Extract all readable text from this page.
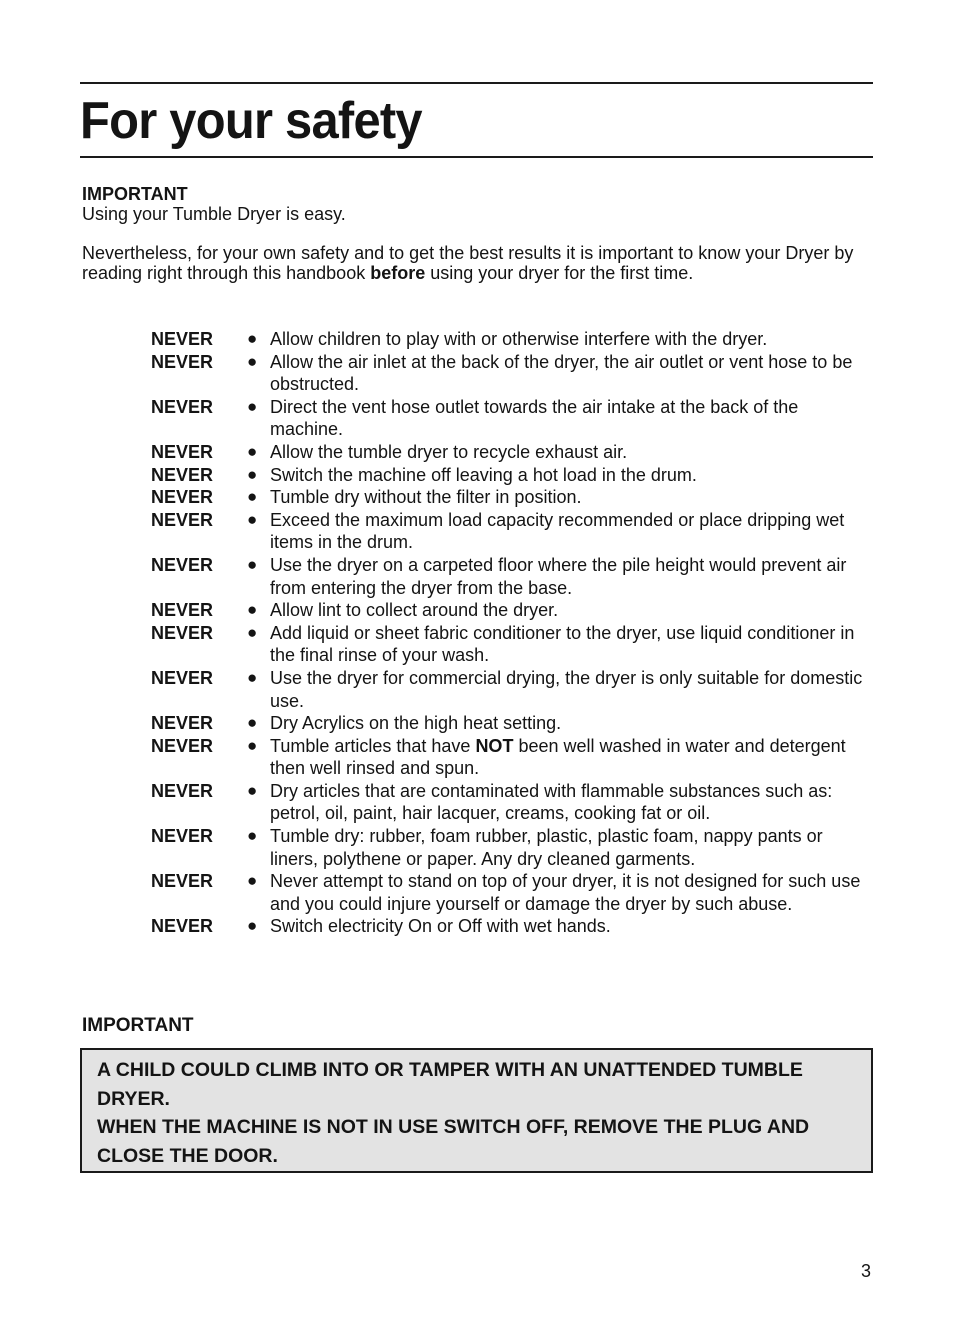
For your safety

IMPORTANT

Using your Tumble Dryer is easy.

Nevertheless, for your own safety and to get the best results it is important to know your Dryer by reading right through this handbook before using your dryer for the first time.

NEVER	● Allow children to play with or otherwise interfere with the dryer.
NEVER	● Allow the air inlet at the back of the dryer, the air outlet or vent hose to be obstructed.
NEVER	● Direct the vent hose outlet towards the air intake at the back of the machine.
NEVER	● Allow the tumble dryer to recycle exhaust air.
NEVER	● Switch the machine off leaving a hot load in the drum.
NEVER	● Tumble dry without the filter in position.
NEVER	● Exceed the maximum load capacity recommended or place dripping wet items in the drum.
NEVER	● Use the dryer on a carpeted floor where the pile height would prevent air from entering the dryer from the base.
NEVER	● Allow lint to collect around the dryer.
NEVER	● Add liquid or sheet fabric conditioner to the dryer, use liquid conditioner in the final rinse of your wash.
NEVER	● Use the dryer for commercial drying, the dryer is only suitable for domestic use.
NEVER	● Dry Acrylics on the high heat setting.
NEVER	● Tumble articles that have NOT been well washed in water and detergent then well rinsed and spun.
NEVER	● Dry articles that are contaminated with flammable substances such as: petrol, oil, paint, hair lacquer, creams, cooking fat or oil.
NEVER	● Tumble dry: rubber, foam rubber, plastic, plastic foam, nappy pants or liners, polythene or paper. Any dry cleaned garments.
NEVER	● Never attempt to stand on top of your dryer, it is not designed for such use and you could injure yourself or damage the dryer by such abuse.
NEVER	● Switch electricity On or Off with wet hands.
IMPORTANT

A CHILD COULD CLIMB INTO OR TAMPER WITH AN UNATTENDED TUMBLE DRYER.

WHEN THE MACHINE IS NOT IN USE SWITCH OFF, REMOVE THE PLUG AND CLOSE THE DOOR.

3
